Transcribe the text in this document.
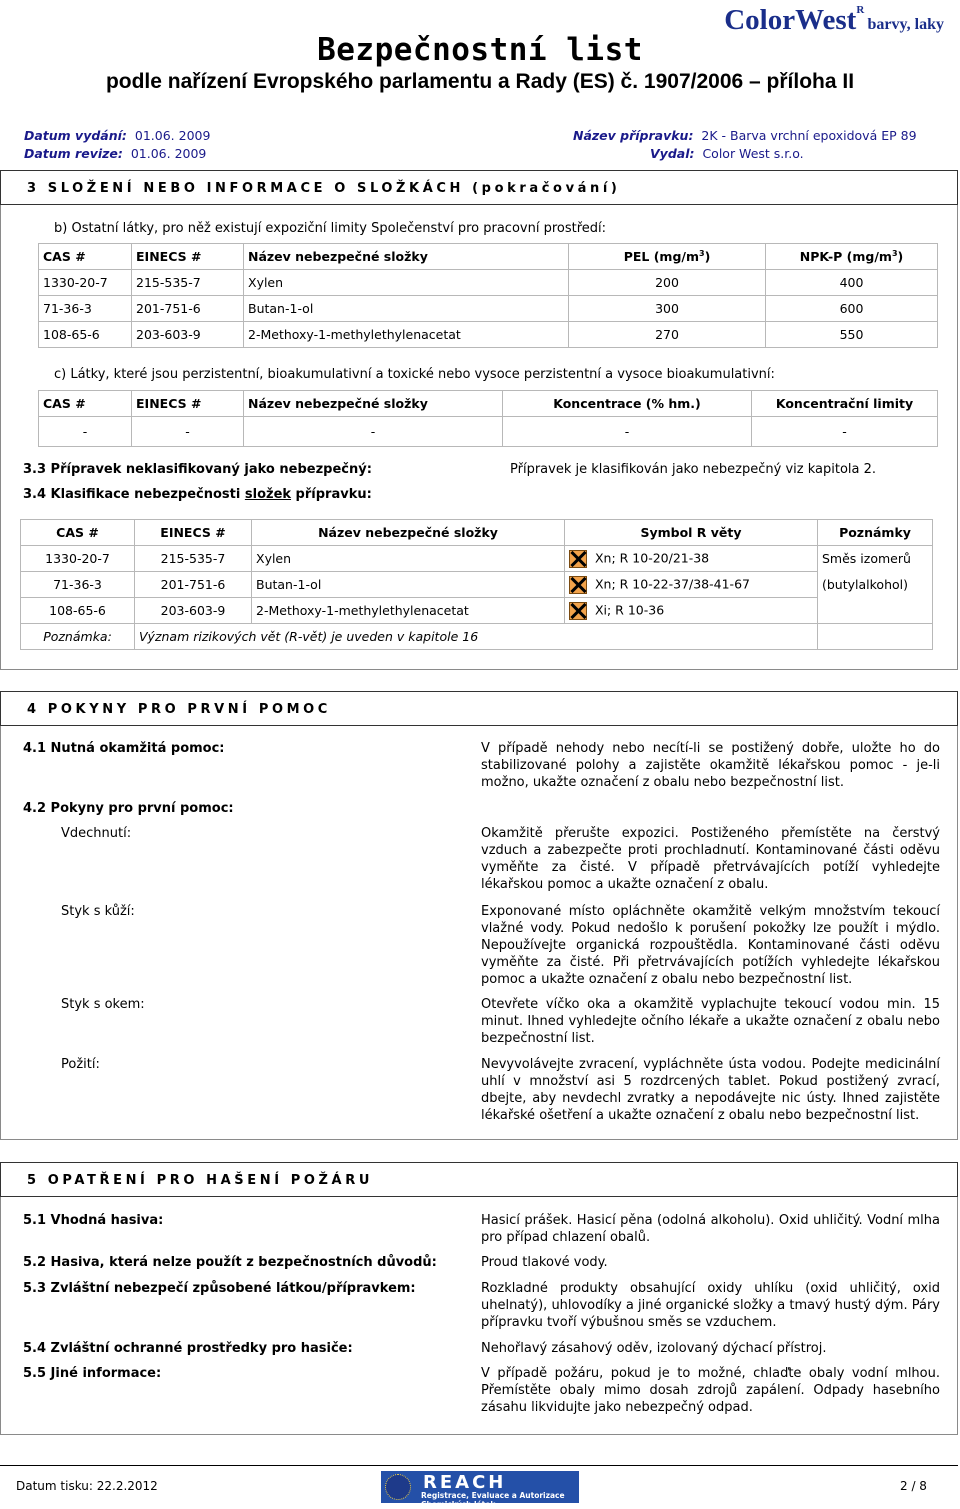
Bezpečnostní list
podle nařízení Evropského parlamentu a Rady (ES) č. 1907/2006 – příloha II
ColorWest$^R$ barvy, laky
Datum vydání: 01.06. 2009
Datum revize: 01.06. 2009
Název přípravku: 2K - Barva vrchní epoxidová EP 89
Vydal: Color West s.r.o.
3 SLOŽENÍ NEBO INFORMACE O SLOŽKÁCH (pokračování)
b) Ostatní látky, pro něž existují expoziční limity Společenství pro pracovní prostředí:
CAS #	EINECS #	Název nebezpečné složky	PEL $(mg/m^3)$	NPK-P $(mg/m^3)$
1330-20-7	215-535-7	Xylen	200	400
71-36-3	201-751-6	Butan-1-ol	300	600
108-65-6	203-603-9	2-Methoxy-1-methylethylenacetat	270	550
c) Látky, které jsou perzistentní, bioakumulativní a toxické nebo vysoce perzistentní a vysoce bioakumulativní:
CAS #	EINECS #	Název nebezpečné složky	Koncentrace (% hm.)	Koncentrační limity
-	-	-	-	-
3.3 Přípravek neklasifikovaný jako nebezpečný:	Přípravek je klasifikován jako nebezpečný viz kapitola 2.
3.4 Klasifikace nebezpečnosti složek přípravku:
CAS #	EINECS #	Název nebezpečné složky	Symbol R věty	Poznámky
1330-20-7	215-535-7	Xylen	Xn; R 10-20/21-38	Směs izomerů
71-36-3	201-751-6	Butan-1-ol	Xn; R 10-22-37/38-41-67	(butylalkohol)
108-65-6	203-603-9	2-Methoxy-1-methylethylenacetat	Xi; R 10-36	
Poznámka:	Význam rizikových vět (R-vět) je uveden v kapitole 16			
4 POKYNY PRO PRVNÍ POMOC
4.1 Nutná okamžitá pomoc:	V případě nehody nebo necítí-li se postižený dobře, uložte ho do stabilizované polohy a zajistěte okamžitě lékařskou pomoc - je-li možno, ukažte označení z obalu nebo bezpečnostní list.
4.2 Pokyny pro první pomoc:
Vdechnutí:	Okamžitě přerušte expozici. Postiženého přemístěte na čerstvý vzduch a zabezpečte proti prochladnutí. Kontaminované části oděvu vyměňte za čisté. V případě přetrvávajících potíží vyhledejte lékařskou pomoc a ukažte označení z obalu.
Styk s kůží:	Exponované místo opláchněte okamžitě velkým množstvím tekoucí vlažné vody. Pokud nedošlo k porušení pokožky lze použít i mýdlo. Nepoužívejte organická rozpouštědla. Kontaminované části oděvu vyměňte za čisté. Při přetrvávajících potížích vyhledejte lékařskou pomoc a ukažte označení z obalu nebo bezpečnostní list.
Styk s okem:	Otevřete víčko oka a okamžitě vyplachujte tekoucí vodou min. 15 minut. Ihned vyhledejte očního lékaře a ukažte označení z obalu nebo bezpečnostní list.
Požití:	Nevyvolávejte zvracení, vypláchněte ústa vodou. Podejte medicinální uhlí v množství asi 5 rozdrcených tablet. Pokud postižený zvrací, dbejte, aby nevdechl zvratky a nepodávejte nic ústy. Ihned zajistěte lékařské ošetření a ukažte označení z obalu nebo bezpečnostní list.
5 OPATŘENÍ PRO HAŠENÍ POŽÁRU
5.1 Vhodná hasiva:	Hasicí prášek. Hasicí pěna (odolná alkoholu). Oxid uhličitý. Vodní mlha pro případ chlazení obalů.
5.2 Hasiva, která nelze použít z bezpečnostních důvodů:	Proud tlakové vody.
5.3 Zvláštní nebezpečí způsobené látkou/přípravkem:	Rozkladné produkty obsahující oxidy uhlíku (oxid uhličitý, oxid uhelnatý), uhlovodíky a jiné organické složky a tmavý hustý dým. Páry přípravku tvoří výbušnou směs se vzduchem.
5.4 Zvláštní ochranné prostředky pro hasiče:	Nehořlavý zásahový oděv, izolovaný dýchací přístroj.
5.5 Jiné informace:	V případě požáru, pokud je to možné, chlaďte obaly vodní mlhou. Přemístěte obaly mimo dosah zdrojů zapálení. Odpady hasebního zásahu likvidujte jako nebezpečný odpad.
Datum tisku: 22.2.2012	REACH
Registrace, Evaluace a Autorizace Chemických látek
2 / 8
